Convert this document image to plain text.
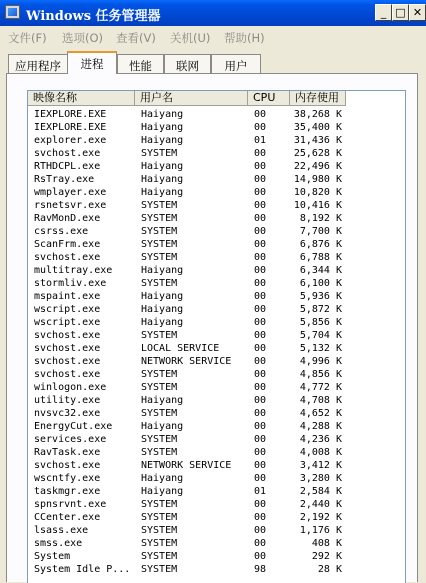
Windows 任务管理器	_ □ ✕
文件(F) 选项(O) 查看(V) 关机(U) 帮助(H)
应用程序	进程	性能	联网	用户
映像名称	用户名	CPU	内存使用
IEXPLORE.EXE	Haiyang	00	38,268 K
IEXPLORE.EXE	Haiyang	00	35,400 K
explorer.exe	Haiyang	01	31,436 K
svchost.exe	SYSTEM	00	25,628 K
RTHDCPL.exe	Haiyang	00	22,496 K
RsTray.exe	Haiyang	00	14,980 K
wmplayer.exe	Haiyang	00	10,820 K
rsnetsvr.exe	SYSTEM	00	10,416 K
RavMonD.exe	SYSTEM	00	8,192 K
csrss.exe	SYSTEM	00	7,700 K
ScanFrm.exe	SYSTEM	00	6,876 K
svchost.exe	SYSTEM	00	6,788 K
multitray.exe	Haiyang	00	6,344 K
stormliv.exe	SYSTEM	00	6,100 K
mspaint.exe	Haiyang	00	5,936 K
wscript.exe	Haiyang	00	5,872 K
wscript.exe	Haiyang	00	5,856 K
svchost.exe	SYSTEM	00	5,704 K
svchost.exe	LOCAL SERVICE	00	5,132 K
svchost.exe	NETWORK SERVICE	00	4,996 K
svchost.exe	SYSTEM	00	4,856 K
winlogon.exe	SYSTEM	00	4,772 K
utility.exe	Haiyang	00	4,708 K
nvsvc32.exe	SYSTEM	00	4,652 K
EnergyCut.exe	Haiyang	00	4,288 K
services.exe	SYSTEM	00	4,236 K
RavTask.exe	SYSTEM	00	4,008 K
svchost.exe	NETWORK SERVICE	00	3,412 K
wscntfy.exe	Haiyang	00	3,280 K
taskmgr.exe	Haiyang	01	2,584 K
spnsrvnt.exe	SYSTEM	00	2,440 K
CCenter.exe	SYSTEM	00	2,192 K
lsass.exe	SYSTEM	00	1,176 K
smss.exe	SYSTEM	00	408 K
System	SYSTEM	00	292 K
System Idle P...	SYSTEM	98	28 K
